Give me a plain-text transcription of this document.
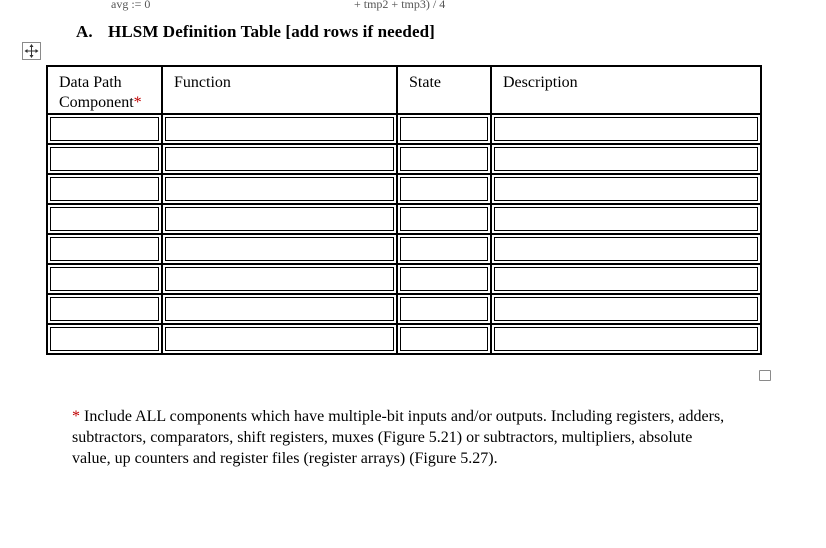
avg := 0	+ tmp2 + tmp3) / 4
A. HLSM Definition Table [add rows if needed]
Data Path
Component*	Function	State	Description

* Include ALL components which have multiple-bit inputs and/or outputs. Including registers, adders, subtractors, comparators, shift registers, muxes (Figure 5.21) or subtractors, multipliers, absolute value, up counters and register files (register arrays) (Figure 5.27).
